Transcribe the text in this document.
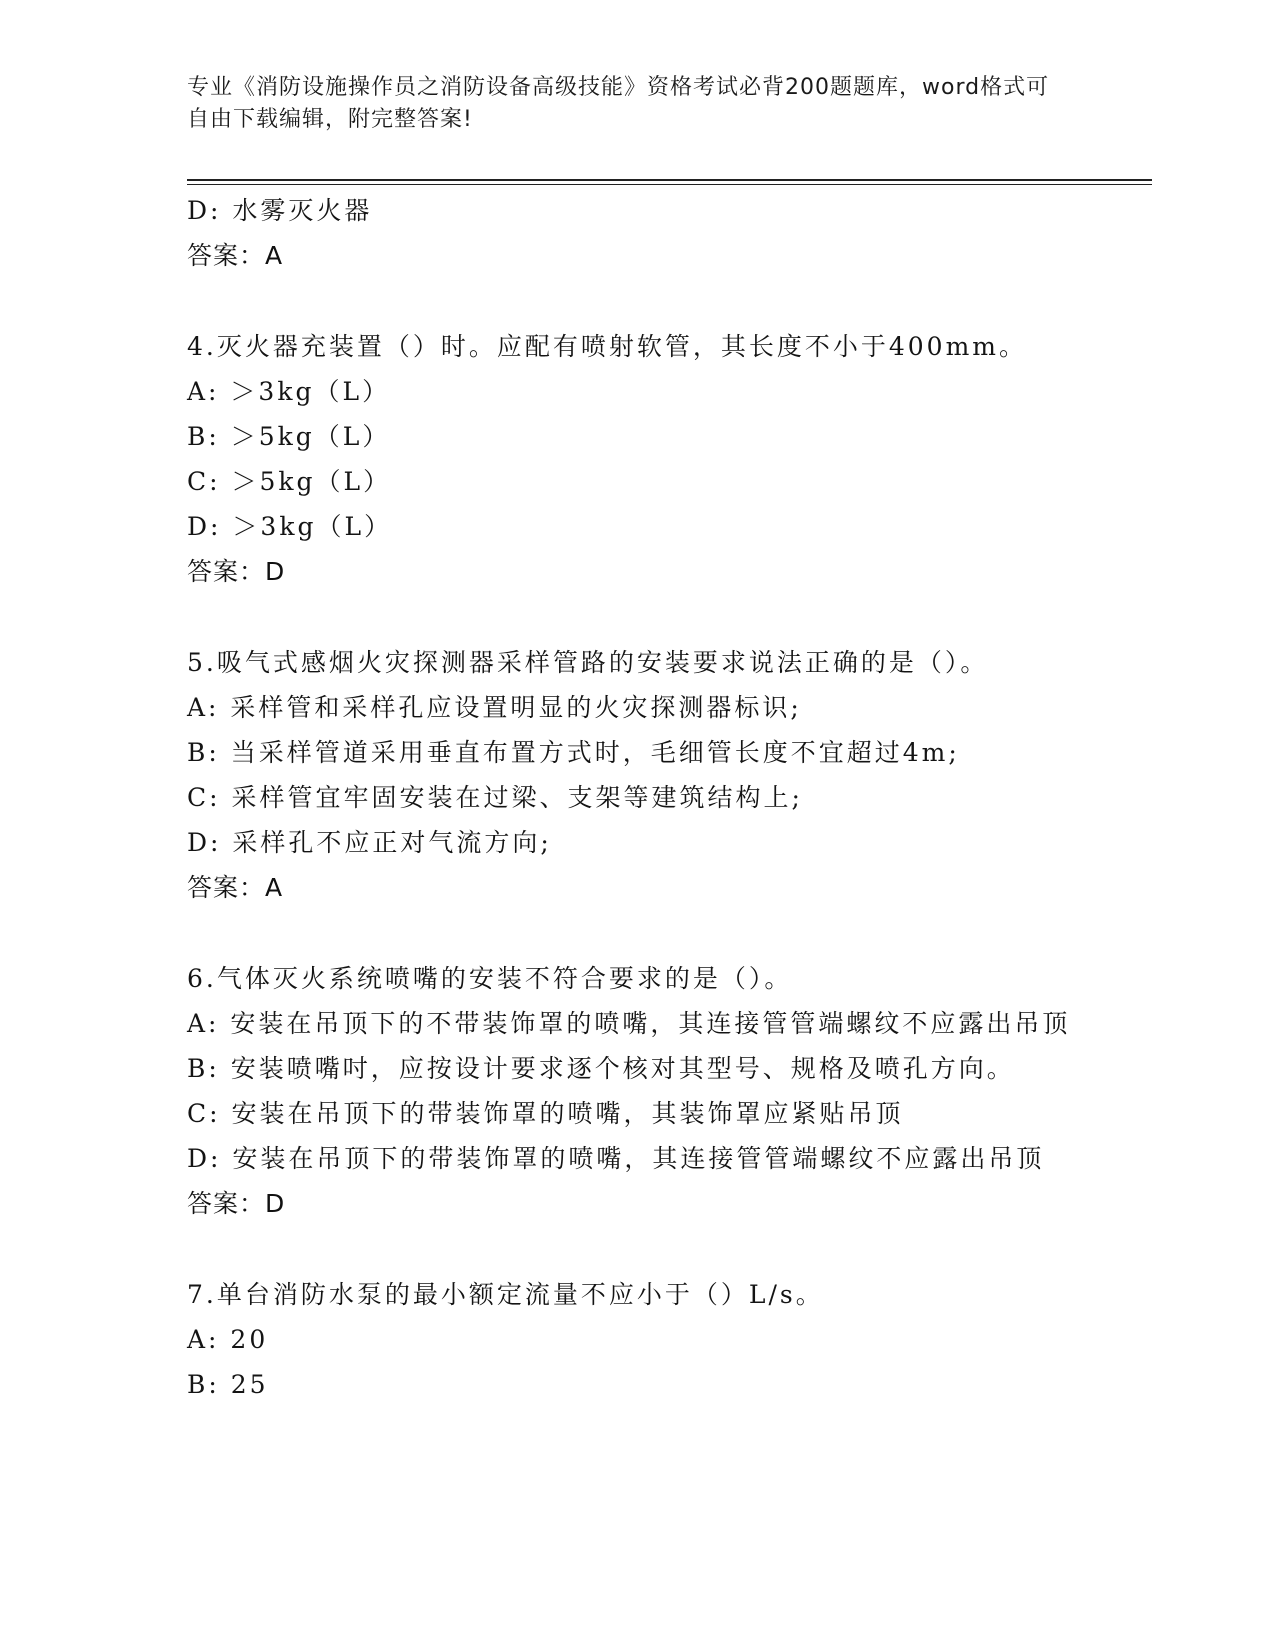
专业《消防设施操作员之消防设备高级技能》资格考试必背200题题库，word格式可自由下载编辑，附完整答案!
D: 水雾灭火器
答案：A
4.灭火器充装置（）时。应配有喷射软管，其长度不小于400mm。
A: ＞3kg（L）
B: ＞5kg（L）
C: ＞5kg（L）
D: ＞3kg（L）
答案：D
5.吸气式感烟火灾探测器采样管路的安装要求说法正确的是（）。
A: 采样管和采样孔应设置明显的火灾探测器标识;
B: 当采样管道采用垂直布置方式时，毛细管长度不宜超过4m;
C: 采样管宜牢固安装在过梁、支架等建筑结构上;
D: 采样孔不应正对气流方向;
答案：A
6.气体灭火系统喷嘴的安装不符合要求的是（）。
A: 安装在吊顶下的不带装饰罩的喷嘴，其连接管管端螺纹不应露出吊顶
B: 安装喷嘴吋，应按设计要求逐个核对其型号、规格及喷孔方向。
C: 安装在吊顶下的带装饰罩的喷嘴，其装饰罩应紧贴吊顶
D: 安装在吊顶下的带装饰罩的喷嘴，其连接管管端螺纹不应露出吊顶
答案：D
7.单台消防水泵的最小额定流量不应小于（）L/s。
A: 20
B: 25
